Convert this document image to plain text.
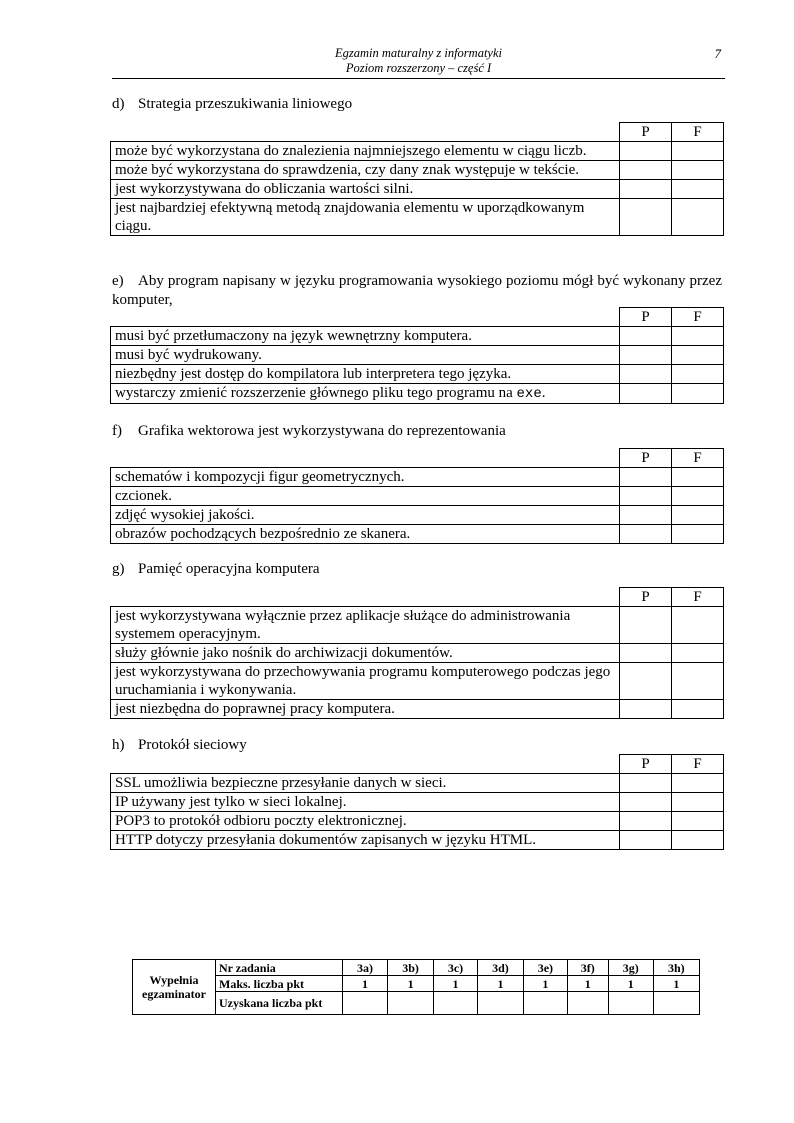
Egzamin maturalny z informatyki
Poziom rozszerzony – część I
7
d) Strategia przeszukiwania liniowego
	P	F
może być wykorzystana do znalezienia najmniejszego elementu w ciągu liczb.		
może być wykorzystana do sprawdzenia, czy dany znak występuje w tekście.		
jest wykorzystywana do obliczania wartości silni.		
jest najbardziej efektywną metodą znajdowania elementu w uporządkowanym ciągu.		
e) Aby program napisany w języku programowania wysokiego poziomu mógł być wykonany przez komputer,
	P	F
musi być przetłumaczony na język wewnętrzny komputera.		
musi być wydrukowany.		
niezbędny jest dostęp do kompilatora lub interpretera tego języka.		
wystarczy zmienić rozszerzenie głównego pliku tego programu na exe.		
f) Grafika wektorowa jest wykorzystywana do reprezentowania
	P	F
schematów i kompozycji figur geometrycznych.		
czcionek.		
zdjęć wysokiej jakości.		
obrazów pochodzących bezpośrednio ze skanera.		
g) Pamięć operacyjna komputera
	P	F
jest wykorzystywana wyłącznie przez aplikacje służące do administrowania systemem operacyjnym.		
służy głównie jako nośnik do archiwizacji dokumentów.		
jest wykorzystywana do przechowywania programu komputerowego podczas jego uruchamiania i wykonywania.		
jest niezbędna do poprawnej pracy komputera.		
h) Protokół sieciowy
	P	F
SSL umożliwia bezpieczne przesyłanie danych w sieci.		
IP używany jest tylko w sieci lokalnej.		
POP3 to protokół odbioru poczty elektronicznej.		
HTTP dotyczy przesyłania dokumentów zapisanych w języku HTML.		
Wypełnia egzaminator	Nr zadania	3a)	3b)	3c)	3d)	3e)	3f)	3g)	3h)
	Maks. liczba pkt	1	1	1	1	1	1	1	1
	Uzyskana liczba pkt								
